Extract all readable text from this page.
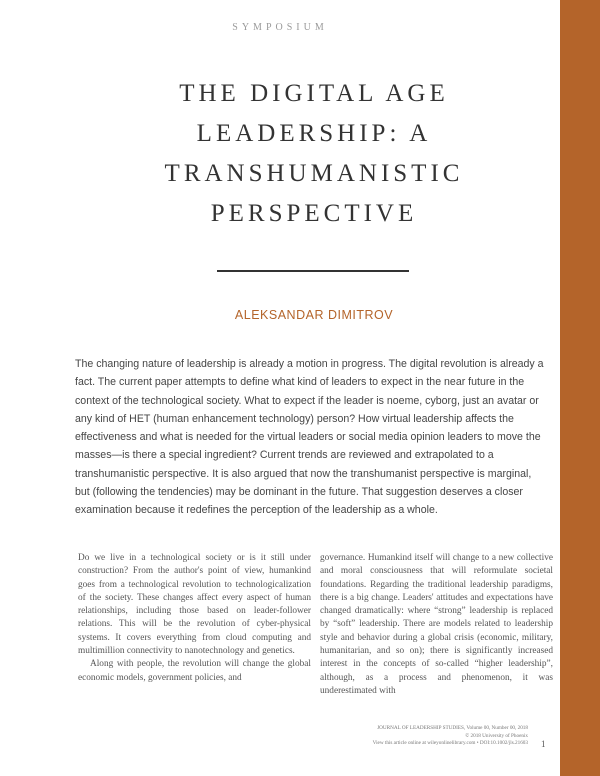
SYMPOSIUM
THE DIGITAL AGE
LEADERSHIP: A
TRANSHUMANISTIC
PERSPECTIVE
ALEKSANDAR DIMITROV

The changing nature of leadership is already a motion in progress. The digital revolution is already a fact. The current paper attempts to define what kind of leaders to expect in the near future in the context of the technological society. What to expect if the leader is noeme, cyborg, just an avatar or any kind of HET (human enhancement technology) person? How virtual leadership affects the effectiveness and what is needed for the virtual leaders or social media opinion leaders to move the masses—is there a special ingredient? Current trends are reviewed and extrapolated to a transhumanistic perspective. It is also argued that now the transhumanist perspective is marginal, but (following the tendencies) may be dominant in the future. That suggestion deserves a closer examination because it redefines the perception of the leadership as a whole.

Do we live in a technological society or is it still under construction? From the author's point of view, humankind goes from a technological revolution to technologicalization of the society. These changes affect every aspect of human relationships, including those based on leader-follower relations. This will be the revolution of cyber-physical systems. It covers everything from cloud computing and multimillion connectivity to nanotechnology and genetics.

Along with people, the revolution will change the global economic models, government policies, and

governance. Humankind itself will change to a new collective and moral consciousness that will reformulate societal foundations. Regarding the traditional leadership paradigms, there is a big change. Leaders' attitudes and expectations have changed dramatically: where “strong” leadership is replaced by “soft” leadership. There are models related to leadership style and behavior during a global crisis (economic, military, humanitarian, and so on); there is significantly increased interest in the concepts of so-called “higher leadership”, although, as a process and phenomenon, it was underestimated with

JOURNAL OF LEADERSHIP STUDIES, Volume 00, Number 00, 2018
© 2018 University of Phoenix
View this article online at wileyonlinelibrary.com • DOI:10.1002/jls.21603 1
